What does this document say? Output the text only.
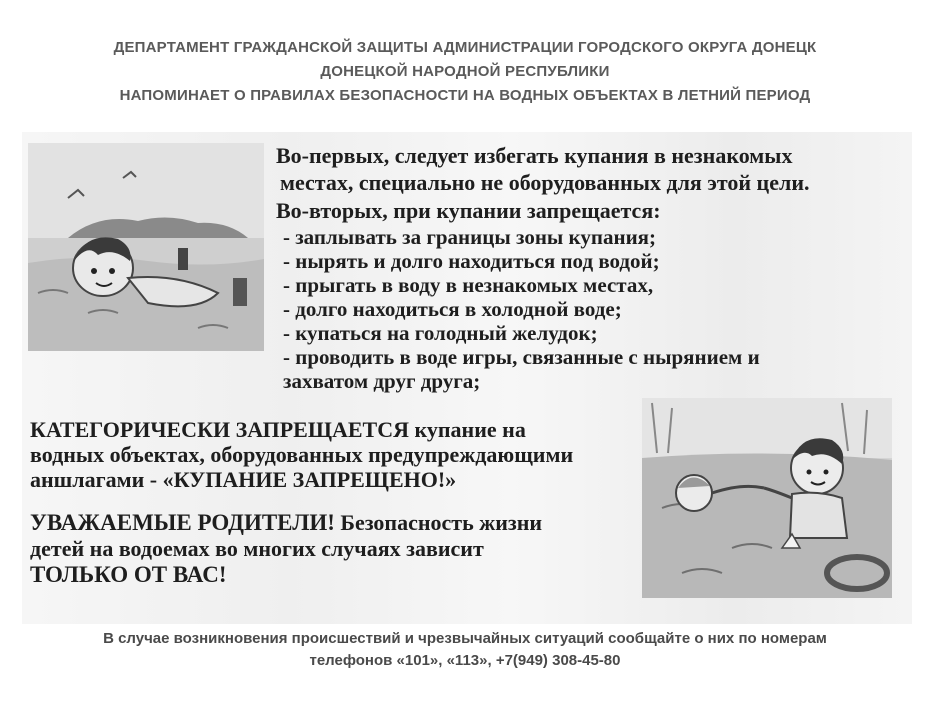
ДЕПАРТАМЕНТ ГРАЖДАНСКОЙ ЗАЩИТЫ АДМИНИСТРАЦИИ ГОРОДСКОГО ОКРУГА ДОНЕЦК
ДОНЕЦКОЙ НАРОДНОЙ РЕСПУБЛИКИ
НАПОМИНАЕТ О ПРАВИЛАХ БЕЗОПАСНОСТИ НА ВОДНЫХ ОБЪЕКТАХ В ЛЕТНИЙ ПЕРИОД
Во-первых, следует избегать купания в незнакомых
местах, специально не оборудованных для этой цели.
Во-вторых, при купании запрещается:
- заплывать за границы зоны купания;
- нырять и долго находиться под водой;
- прыгать в воду в незнакомых местах,
- долго находиться в холодной воде;
- купаться на голодный желудок;
- проводить в воде игры, связанные с нырянием и
захватом друг друга;
КАТЕГОРИЧЕСКИ ЗАПРЕЩАЕТСЯ купание на
водных объектах, оборудованных предупреждающими
аншлагами - «КУПАНИЕ ЗАПРЕЩЕНО!»
УВАЖАЕМЫЕ РОДИТЕЛИ! Безопасность жизни
детей на водоемах во многих случаях зависит
ТОЛЬКО ОТ ВАС!
В случае возникновения происшествий и чрезвычайных ситуаций сообщайте о них по номерам
телефонов «101», «113», +7(949) 308-45-80
